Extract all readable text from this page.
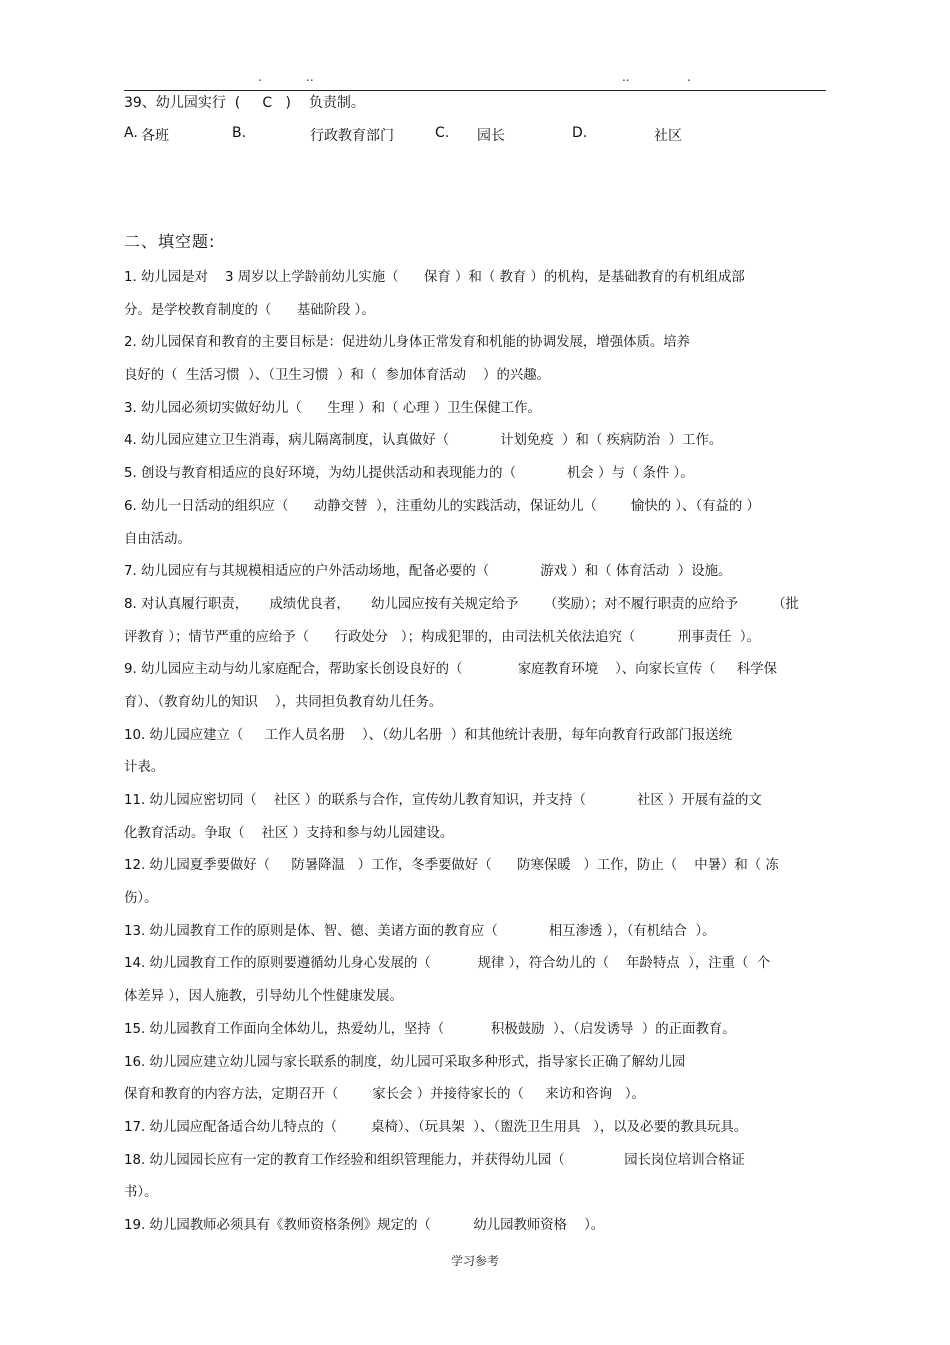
.	..	..	.
39、幼儿园实行  (     C   )    负责制。
A. 各班	B.	行政教育部门	C. 园长	D.	社区
二、填空题:
1. 幼儿园是对    3 周岁以上学龄前幼儿实施（      保育 ）和（ 教育 ）的机构，是基础教育的有机组成部
分。是学校教育制度的（      基础阶段 ）。
2. 幼儿园保育和教育的主要目标是：促进幼儿身体正常发育和机能的协调发展，增强体质。培养
良好的（  生活习惯  ）、（卫生习惯  ）和（  参加体育活动    ）的兴趣。
3. 幼儿园必须切实做好幼儿（      生理 ）和（ 心理 ）卫生保健工作。
4. 幼儿园应建立卫生消毒，病儿隔离制度，认真做好（            计划免疫  ）和（ 疾病防治  ）工作。
5. 创设与教育相适应的良好环境，为幼儿提供活动和表现能力的（            机会 ）与（ 条件 ）。
6. 幼儿一日活动的组织应（      动静交替  ），注重幼儿的实践活动，保证幼儿（        愉快的 ）、（有益的 ）
自由活动。
7. 幼儿园应有与其规模相适应的户外活动场地，配备必要的（            游戏 ）和（ 体育活动  ）设施。
8. 对认真履行职责，     成绩优良者，     幼儿园应按有关规定给予      （奖励）；对不履行职责的应给予        （批
评教育 ）；情节严重的应给予（      行政处分   ）；构成犯罪的，由司法机关依法追究（          刑事责任  ）。
9. 幼儿园应主动与幼儿家庭配合，帮助家长创设良好的（             家庭教育环境    ）、向家长宣传（     科学保
育）、（教育幼儿的知识    ），共同担负教育幼儿任务。
10. 幼儿园应建立（     工作人员名册    ）、（幼儿名册  ）和其他统计表册，每年向教育行政部门报送统
计表。
11. 幼儿园应密切同（    社区 ）的联系与合作，宣传幼儿教育知识，并支持（            社区 ）开展有益的文
化教育活动。争取（    社区 ）支持和参与幼儿园建设。
12. 幼儿园夏季要做好（     防暑降温   ）工作，冬季要做好（      防寒保暖   ）工作，防止（    中暑）和（ 冻
伤）。
13. 幼儿园教育工作的原则是体、智、德、美诸方面的教育应（            相互渗透 ），（有机结合  ）。
14. 幼儿园教育工作的原则要遵循幼儿身心发展的（           规律 ），符合幼儿的（    年龄特点  ），注重（  个
体差异 ），因人施教，引导幼儿个性健康发展。
15. 幼儿园教育工作面向全体幼儿，热爱幼儿，坚持（           积极鼓励  ）、（启发诱导  ）的正面教育。
16. 幼儿园应建立幼儿园与家长联系的制度，幼儿园可采取多种形式，指导家长正确了解幼儿园
保育和教育的内容方法，定期召开（        家长会 ）并接待家长的（     来访和咨询   ）。
17. 幼儿园应配备适合幼儿特点的（        桌椅）、（玩具架  ）、（盥洗卫生用具   ），以及必要的教具玩具。
18. 幼儿园园长应有一定的教育工作经验和组织管理能力，并获得幼儿园（              园长岗位培训合格证
书）。
19. 幼儿园教师必须具有《教师资格条例》规定的（          幼儿园教师资格    ）。
学习参考
